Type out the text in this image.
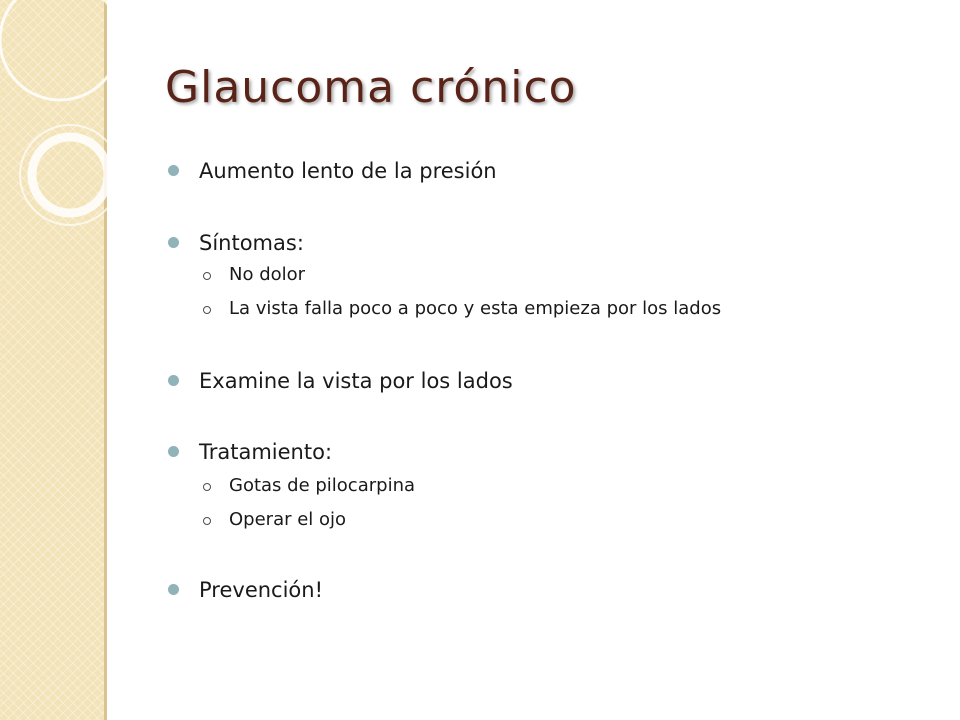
Glaucoma crónico
Aumento lento de la presión
Síntomas:
No dolor
La vista falla poco a poco y esta empieza por los lados
Examine la vista por los lados
Tratamiento:
Gotas de pilocarpina
Operar el ojo
Prevención!
